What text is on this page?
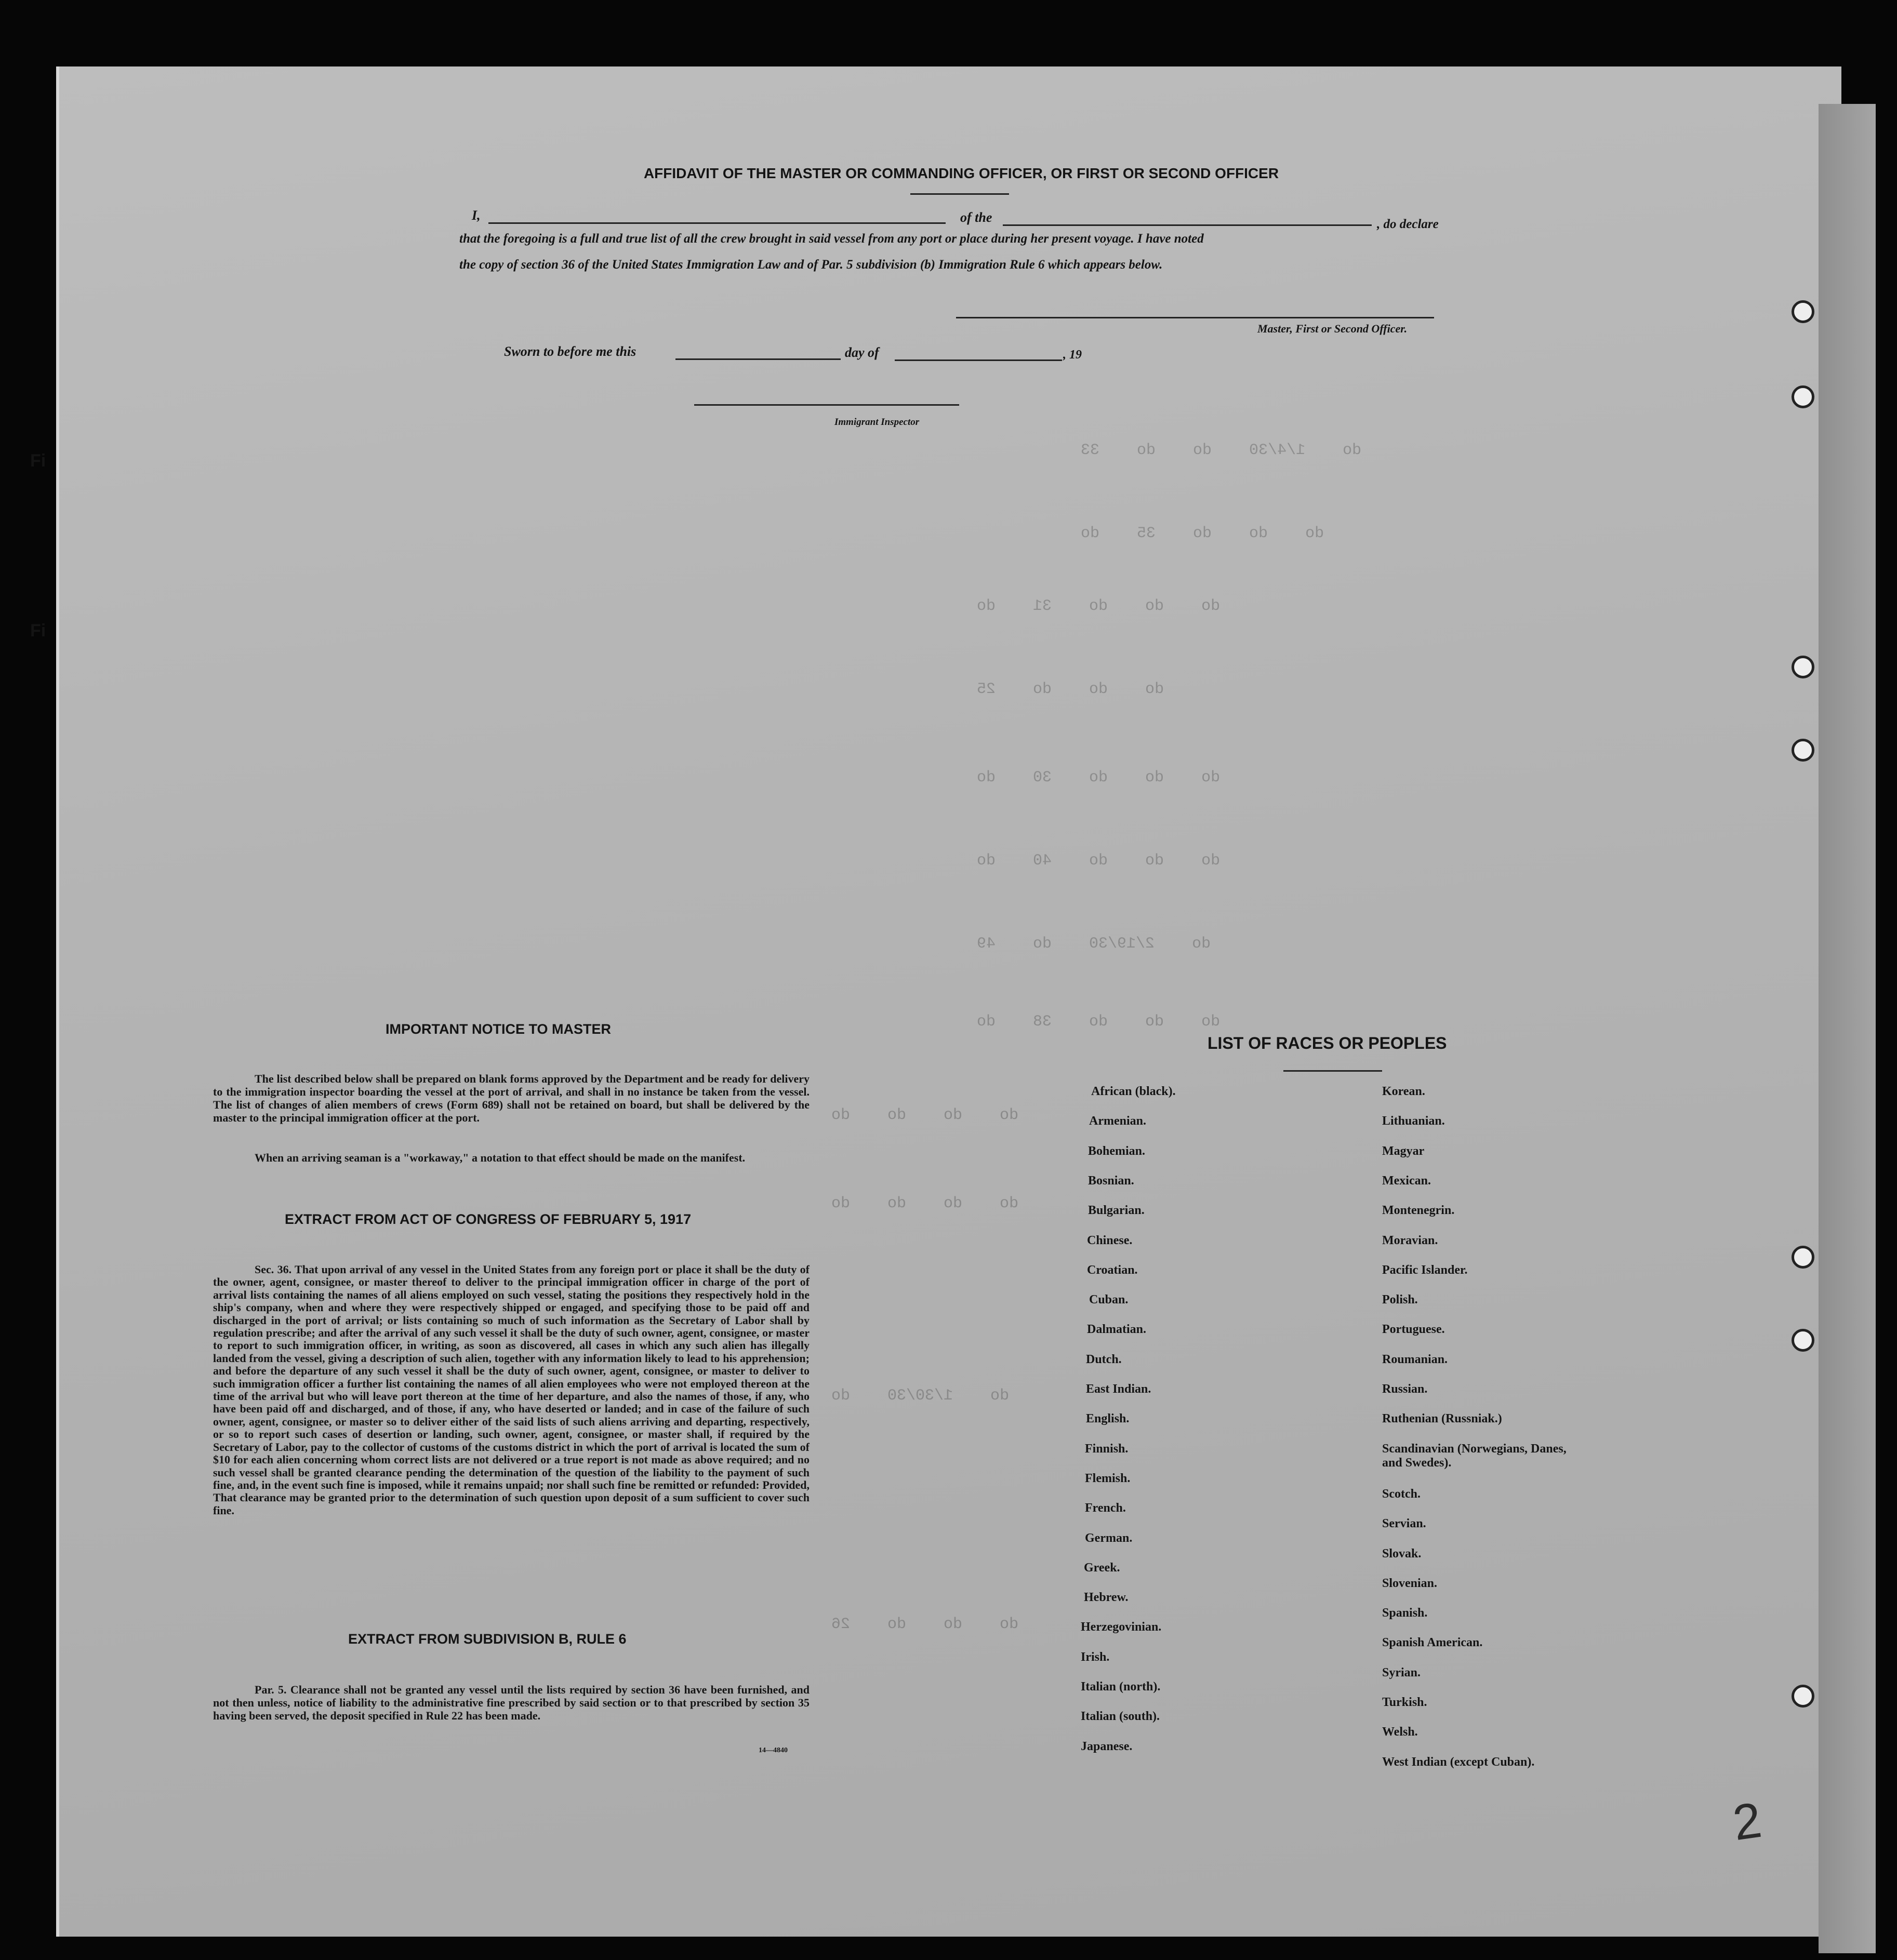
do    1/4/30    do    do    33
do    do    do    35    do
do    do    do    31    do
do    do    do    25
do    do    do    30    do
do    do    do    40    do
do    2/19/30    do    49
do    do    do    38    do
do    do    do    do
do    do    do    do
do    1/30/30    do
do    do    do    26
Fi
Fi
AFFIDAVIT OF THE MASTER OR COMMANDING OFFICER, OR FIRST OR SECOND OFFICER
I,	of the	, do declare
that the foregoing is a full and true list of all the crew brought in said vessel from any port or place during her present voyage. I have noted
the copy of section 36 of the United States Immigration Law and of Par. 5 subdivision (b) Immigration Rule 6 which appears below.
Master, First or Second Officer.
Sworn to before me this	day of	, 19
Immigrant Inspector
IMPORTANT NOTICE TO MASTER
The list described below shall be prepared on blank forms approved by the Department and be ready for delivery to the immigration inspector boarding the vessel at the port of arrival, and shall in no instance be taken from the vessel. The list of changes of alien members of crews (Form 689) shall not be retained on board, but shall be delivered by the master to the principal immigration officer at the port.
When an arriving seaman is a "workaway," a notation to that effect should be made on the manifest.
EXTRACT FROM ACT OF CONGRESS OF FEBRUARY 5, 1917
Sec. 36. That upon arrival of any vessel in the United States from any foreign port or place it shall be the duty of the owner, agent, consignee, or master thereof to deliver to the principal immigration officer in charge of the port of arrival lists containing the names of all aliens employed on such vessel, stating the positions they respectively hold in the ship's company, when and where they were respectively shipped or engaged, and specifying those to be paid off and discharged in the port of arrival; or lists containing so much of such information as the Secretary of Labor shall by regulation prescribe; and after the arrival of any such vessel it shall be the duty of such owner, agent, consignee, or master to report to such immigration officer, in writing, as soon as discovered, all cases in which any such alien has illegally landed from the vessel, giving a description of such alien, together with any information likely to lead to his apprehension; and before the departure of any such vessel it shall be the duty of such owner, agent, consignee, or master to deliver to such immigration officer a further list containing the names of all alien employees who were not employed thereon at the time of the arrival but who will leave port thereon at the time of her departure, and also the names of those, if any, who have been paid off and discharged, and of those, if any, who have deserted or landed; and in case of the failure of such owner, agent, consignee, or master so to deliver either of the said lists of such aliens arriving and departing, respectively, or so to report such cases of desertion or landing, such owner, agent, consignee, or master shall, if required by the Secretary of Labor, pay to the collector of customs of the customs district in which the port of arrival is located the sum of $10 for each alien concerning whom correct lists are not delivered or a true report is not made as above required; and no such vessel shall be granted clearance pending the determination of the question of the liability to the payment of such fine, and, in the event such fine is imposed, while it remains unpaid; nor shall such fine be remitted or refunded: Provided, That clearance may be granted prior to the determination of such question upon deposit of a sum sufficient to cover such fine.
EXTRACT FROM SUBDIVISION B, RULE 6
Par. 5. Clearance shall not be granted any vessel until the lists required by section 36 have been furnished, and not then unless, notice of liability to the administrative fine prescribed by said section or to that prescribed by section 35 having been served, the deposit specified in Rule 22 has been made.
14—4840
LIST OF RACES OR PEOPLES
African (black).
Armenian.
Bohemian.
Bosnian.
Bulgarian.
Chinese.
Croatian.
Cuban.
Dalmatian.
Dutch.
East Indian.
English.
Finnish.
Flemish.
French.
German.
Greek.
Hebrew.
Herzegovinian.
Irish.
Italian (north).
Italian (south).
Japanese.
Korean.
Lithuanian.
Magyar
Mexican.
Montenegrin.
Moravian.
Pacific Islander.
Polish.
Portuguese.
Roumanian.
Russian.
Ruthenian (Russniak.)
Scandinavian (Norwegians, Danes, and Swedes).
Scotch.
Servian.
Slovak.
Slovenian.
Spanish.
Spanish American.
Syrian.
Turkish.
Welsh.
West Indian (except Cuban).
2
